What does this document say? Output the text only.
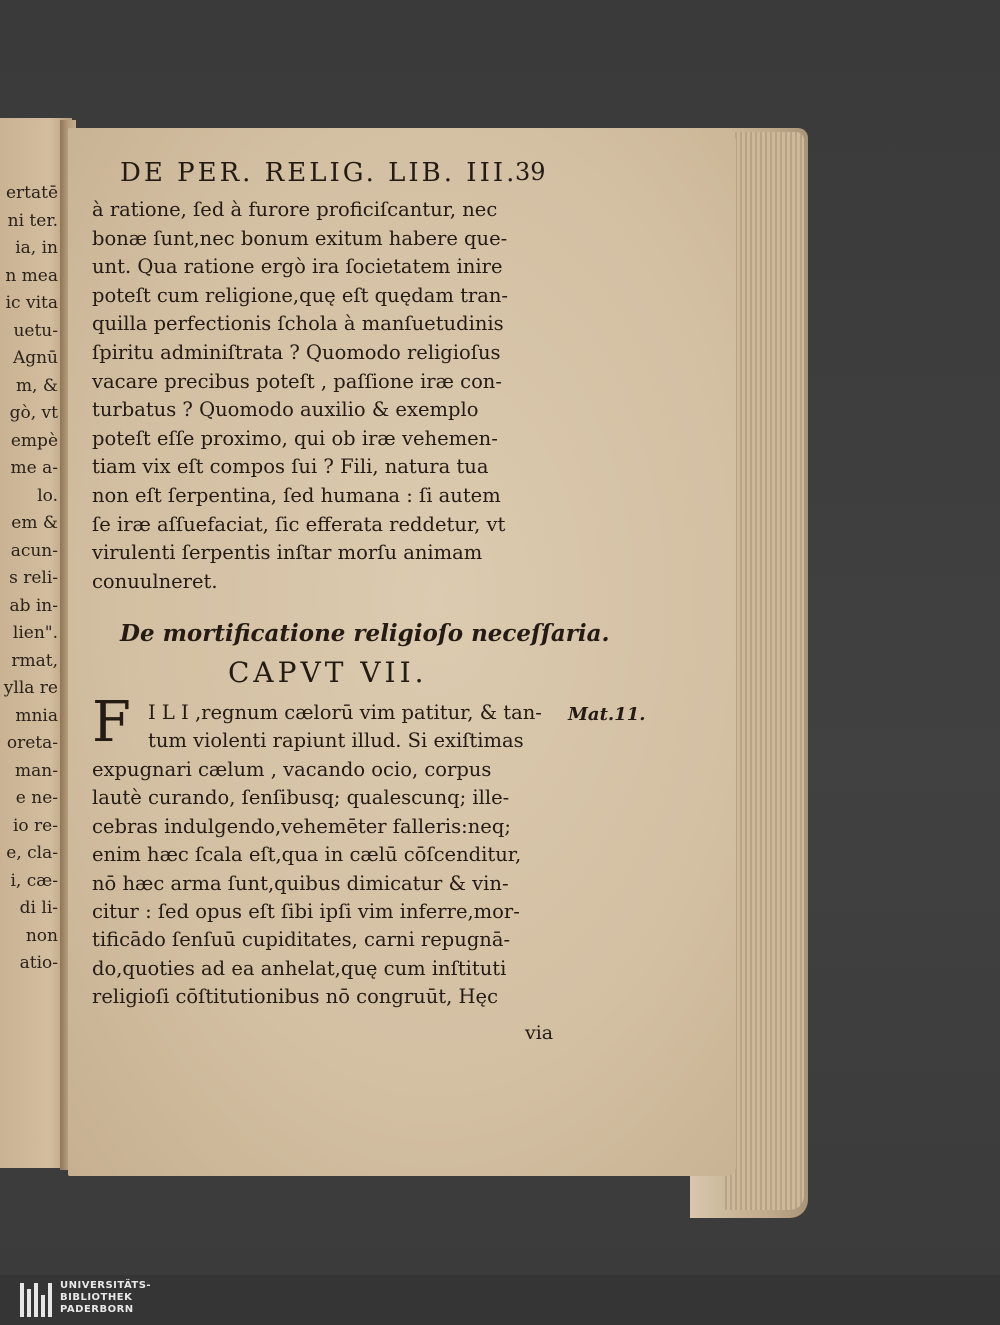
ertatē
ni ter.
ia, in
n mea
ic vita
uetu-
Agnū
m, &
gò, vt
empè
me a-
lo.
em &
acun-
s reli-
ab in-
lien".
rmat,
ylla re
mnia
oreta-
man-
e ne-
io re-
e, cla-
i, cæ-
di li-
non
atio-
DE PER. RELIG. LIB. III.
39
à ratione, ſed à furore proficiſcantur, nec
bonæ ſunt,nec bonum exitum habere que-
unt. Qua ratione ergò ira ſocietatem inire
poteſt cum religione,quę eſt quędam tran-
quilla perfectionis ſchola à manſuetudinis
ſpiritu adminiſtrata ? Quomodo religioſus
vacare precibus poteſt , paſſione iræ con-
turbatus ? Quomodo auxilio & exemplo
poteſt eſſe proximo, qui ob iræ vehemen-
tiam vix eſt compos ſui ? Fili, natura tua
non eſt ſerpentina, ſed humana : ſi autem
ſe iræ aſſuefaciat, ſic efferata reddetur, vt
virulenti ſerpentis inſtar morſu animam
conuulneret.
De mortificatione religioſo neceſſaria.
CAPVT VII.
F I L I ,regnum cælorū vim patitur, & tan-
tum violenti rapiunt illud. Si exiſtimas
expugnari cælum , vacando ocio, corpus
lautè curando, ſenſibusq; qualescunq; ille-
cebras indulgendo,vehemēter falleris:neq;
enim hæc ſcala eſt,qua in cælū cōſcenditur,
nō hæc arma ſunt,quibus dimicatur & vin-
citur : ſed opus eſt ſibi ipſi vim inferre,mor-
tificādo ſenſuū cupiditates, carni repugnā-
do,quoties ad ea anhelat,quę cum inſtituti
religioſi cōſtitutionibus nō congruūt, Hęc
Mat.11.
via
UNIVERSITÄTS-
BIBLIOTHEK
PADERBORN
